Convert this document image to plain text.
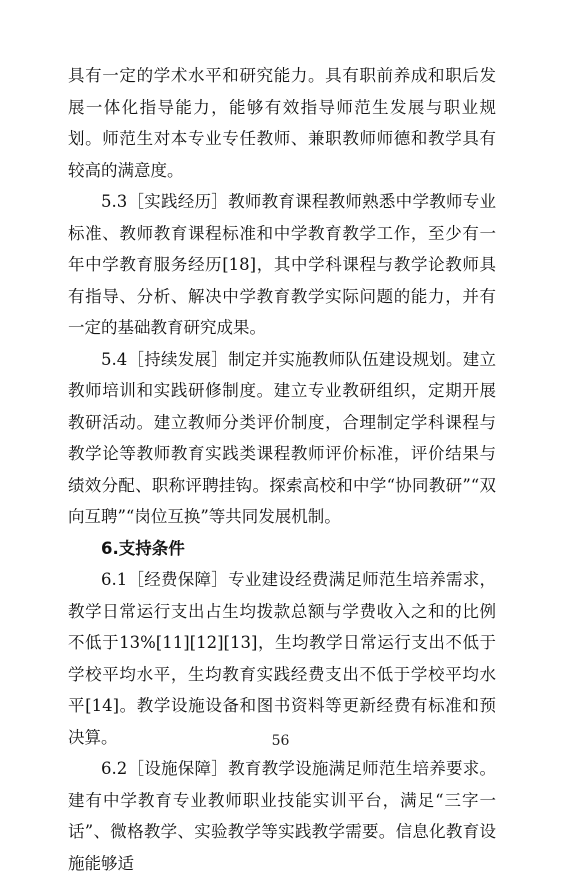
具有一定的学术水平和研究能力。具有职前养成和职后发展一体化指导能力，能够有效指导师范生发展与职业规划。师范生对本专业专任教师、兼职教师师德和教学具有较高的满意度。

5.3［实践经历］教师教育课程教师熟悉中学教师专业标准、教师教育课程标准和中学教育教学工作，至少有一年中学教育服务经历[18]，其中学科课程与教学论教师具有指导、分析、解决中学教育教学实际问题的能力，并有一定的基础教育研究成果。

5.4［持续发展］制定并实施教师队伍建设规划。建立教师培训和实践研修制度。建立专业教研组织，定期开展教研活动。建立教师分类评价制度，合理制定学科课程与教学论等教师教育实践类课程教师评价标准，评价结果与绩效分配、职称评聘挂钩。探索高校和中学“协同教研”“双向互聘”“岗位互换”等共同发展机制。

6.支持条件

6.1［经费保障］专业建设经费满足师范生培养需求，教学日常运行支出占生均拨款总额与学费收入之和的比例不低于13%[11][12][13]，生均教学日常运行支出不低于学校平均水平，生均教育实践经费支出不低于学校平均水平[14]。教学设施设备和图书资料等更新经费有标准和预决算。

6.2［设施保障］教育教学设施满足师范生培养要求。建有中学教育专业教师职业技能实训平台，满足“三字一话”、微格教学、实验教学等实践教学需要。信息化教育设施能够适

56
